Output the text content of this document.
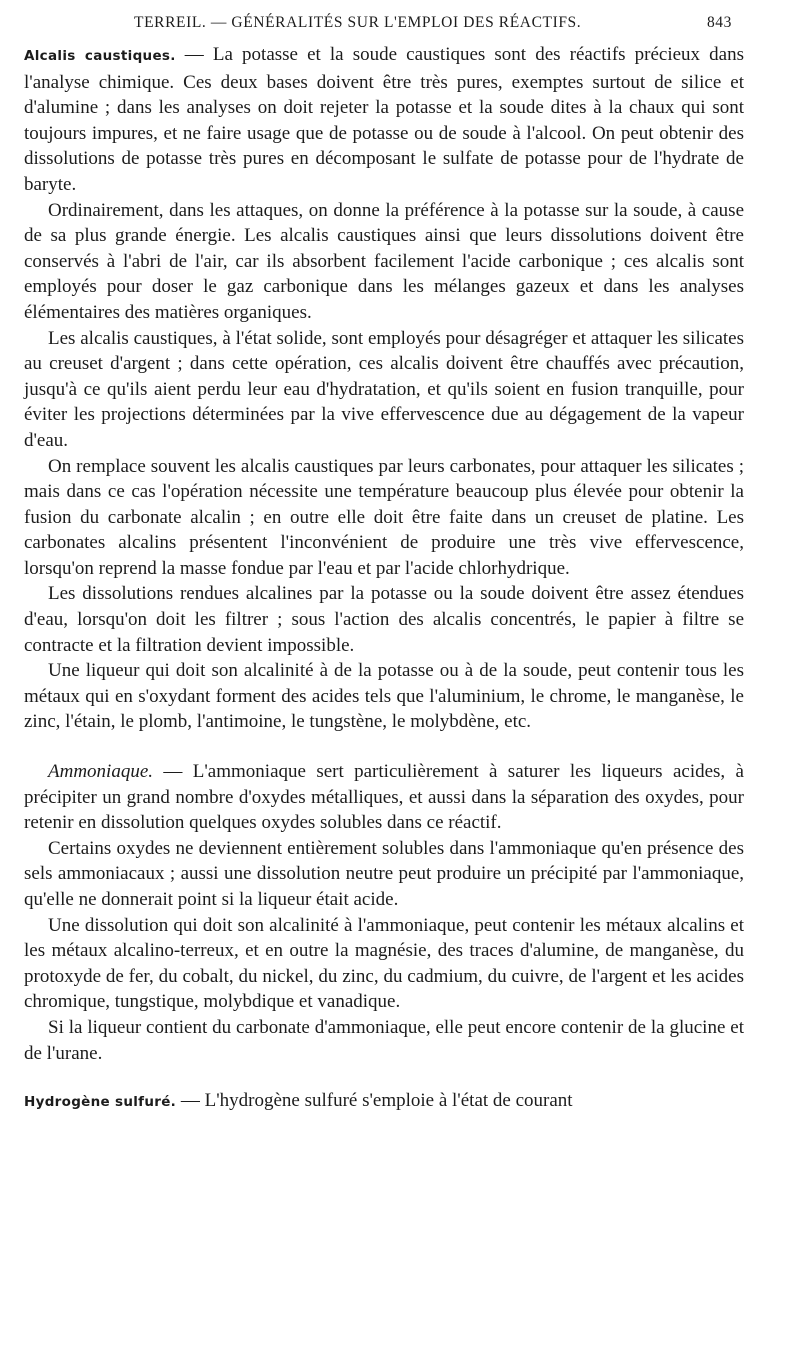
TERREIL. — GÉNÉRALITÉS SUR L'EMPLOI DES RÉACTIFS.	843

Alcalis caustiques. — La potasse et la soude caustiques sont des réactifs précieux dans l'analyse chimique. Ces deux bases doivent être très pures, exemptes surtout de silice et d'alumine ; dans les analyses on doit rejeter la potasse et la soude dites à la chaux qui sont toujours impures, et ne faire usage que de potasse ou de soude à l'alcool. On peut obtenir des dissolutions de potasse très pures en décomposant le sulfate de potasse pour de l'hydrate de baryte.

Ordinairement, dans les attaques, on donne la préférence à la potasse sur la soude, à cause de sa plus grande énergie. Les alcalis caustiques ainsi que leurs dissolutions doivent être conservés à l'abri de l'air, car ils absorbent facilement l'acide carbonique ; ces alcalis sont employés pour doser le gaz carbonique dans les mélanges gazeux et dans les analyses élémentaires des matières organiques.

Les alcalis caustiques, à l'état solide, sont employés pour désagréger et attaquer les silicates au creuset d'argent ; dans cette opération, ces alcalis doivent être chauffés avec précaution, jusqu'à ce qu'ils aient perdu leur eau d'hydratation, et qu'ils soient en fusion tranquille, pour éviter les projections déterminées par la vive effervescence due au dégagement de la vapeur d'eau.

On remplace souvent les alcalis caustiques par leurs carbonates, pour attaquer les silicates ; mais dans ce cas l'opération nécessite une température beaucoup plus élevée pour obtenir la fusion du carbonate alcalin ; en outre elle doit être faite dans un creuset de platine. Les carbonates alcalins présentent l'inconvénient de produire une très vive effervescence, lorsqu'on reprend la masse fondue par l'eau et par l'acide chlorhydrique.

Les dissolutions rendues alcalines par la potasse ou la soude doivent être assez étendues d'eau, lorsqu'on doit les filtrer ; sous l'action des alcalis concentrés, le papier à filtre se contracte et la filtration devient impossible.

Une liqueur qui doit son alcalinité à de la potasse ou à de la soude, peut contenir tous les métaux qui en s'oxydant forment des acides tels que l'aluminium, le chrome, le manganèse, le zinc, l'étain, le plomb, l'antimoine, le tungstène, le molybdène, etc.

Ammoniaque. — L'ammoniaque sert particulièrement à saturer les liqueurs acides, à précipiter un grand nombre d'oxydes métalliques, et aussi dans la séparation des oxydes, pour retenir en dissolution quelques oxydes solubles dans ce réactif.

Certains oxydes ne deviennent entièrement solubles dans l'ammoniaque qu'en présence des sels ammoniacaux ; aussi une dissolution neutre peut produire un précipité par l'ammoniaque, qu'elle ne donnerait point si la liqueur était acide.

Une dissolution qui doit son alcalinité à l'ammoniaque, peut contenir les métaux alcalins et les métaux alcalino-terreux, et en outre la magnésie, des traces d'alumine, de manganèse, du protoxyde de fer, du cobalt, du nickel, du zinc, du cadmium, du cuivre, de l'argent et les acides chromique, tungstique, molybdique et vanadique.

Si la liqueur contient du carbonate d'ammoniaque, elle peut encore contenir de la glucine et de l'urane.

Hydrogène sulfuré. — L'hydrogène sulfuré s'emploie à l'état de courant
